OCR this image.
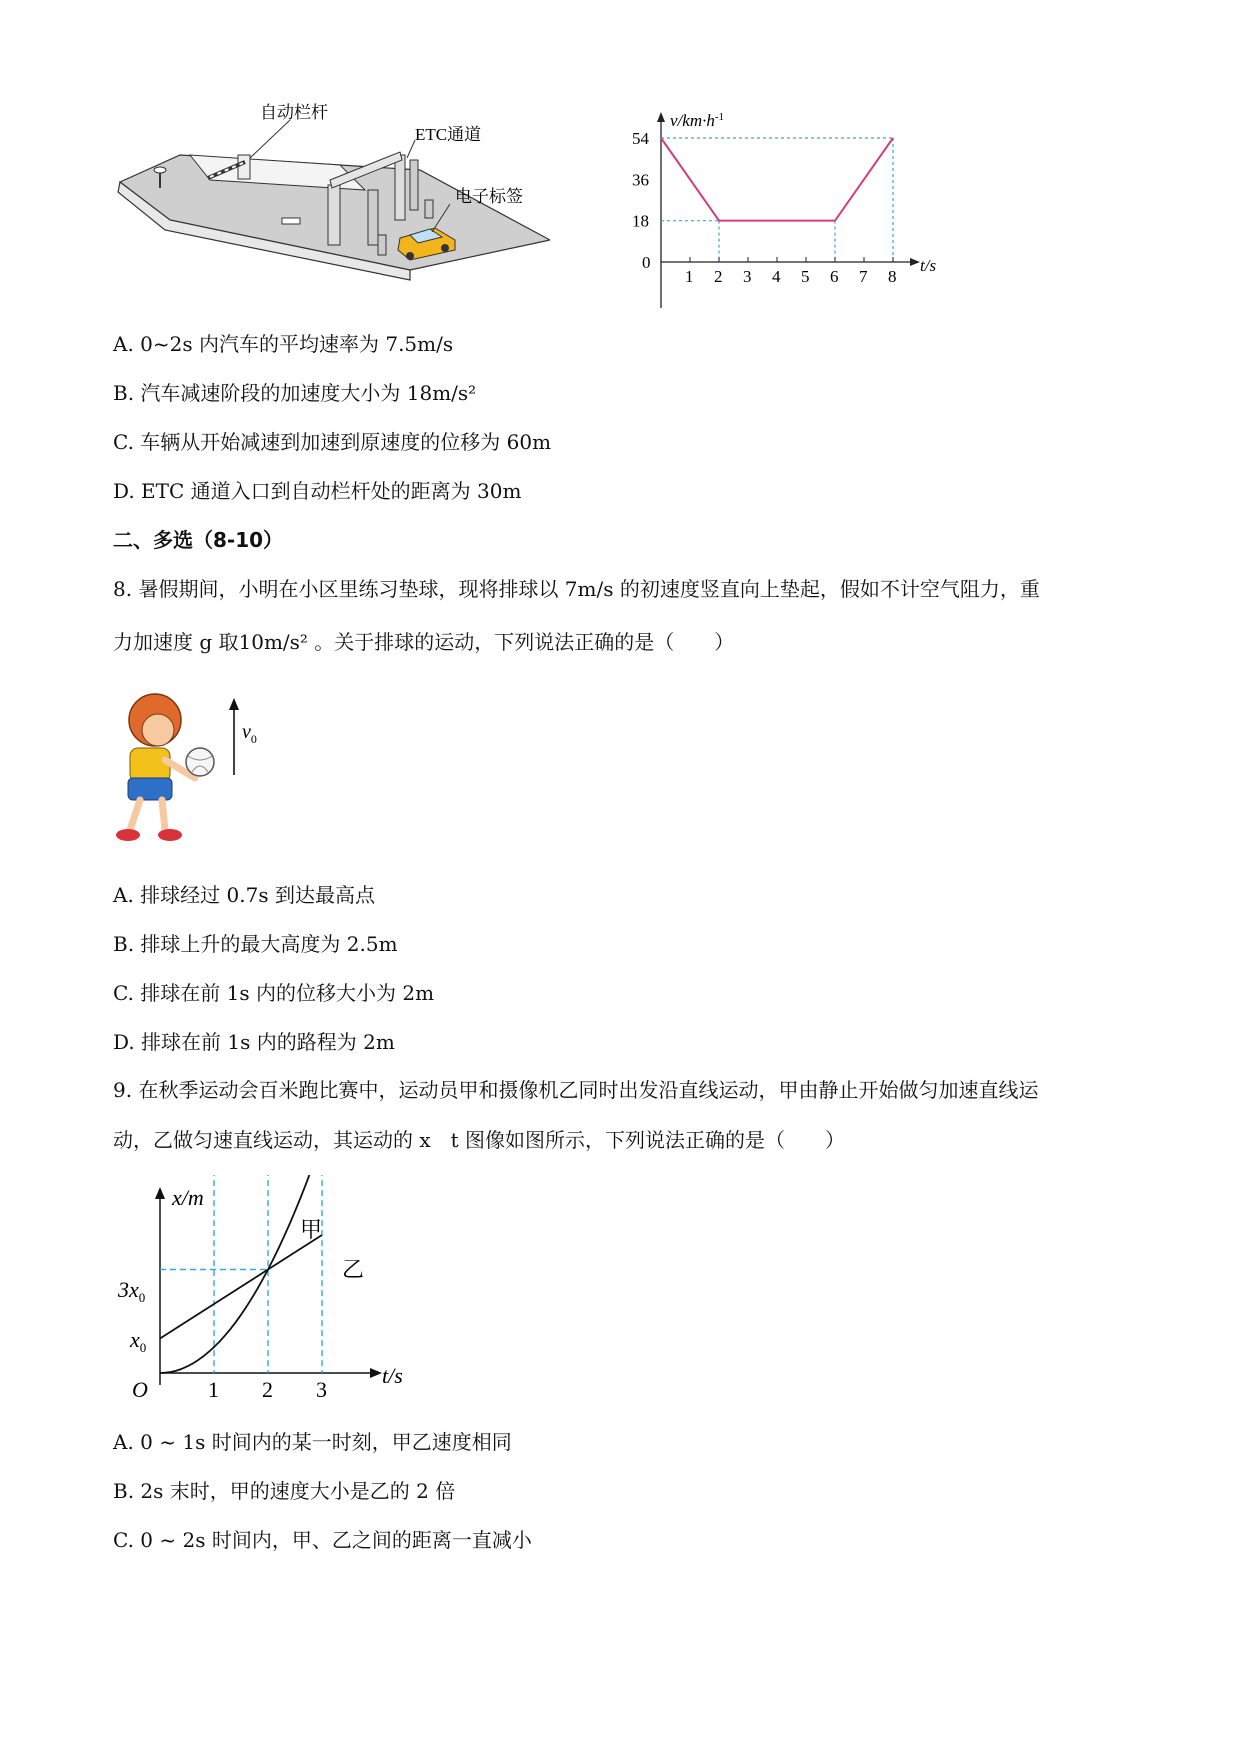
自动栏杆
ETC通道
电子标签
$v/km\cdot h^{-1}$
t/s
1 2 3 4 5 6 7 8
0
18
36
54
A. 0~2s 内汽车的平均速率为 7.5m/s
B. 汽车减速阶段的加速度大小为 18m/s²
C. 车辆从开始减速到加速到原速度的位移为 60m
D. ETC 通道入口到自动栏杆处的距离为 30m
二、多选（8-10）
8. 暑假期间，小明在小区里练习垫球，现将排球以 7m/s 的初速度竖直向上垫起，假如不计空气阻力，重
力加速度 g 取10m/s² 。关于排球的运动，下列说法正确的是（　　）
$v_0$
A. 排球经过 0.7s 到达最高点
B. 排球上升的最大高度为 2.5m
C. 排球在前 1s 内的位移大小为 2m
D. 排球在前 1s 内的路程为 2m
9. 在秋季运动会百米跑比赛中，运动员甲和摄像机乙同时出发沿直线运动，甲由静止开始做匀加速直线运
动，乙做匀速直线运动，其运动的 x　t 图像如图所示，下列说法正确的是（　　）
x/m
t/s
O	1 2 3
$3x_0$
$x_0$
甲
乙
A. 0 ~ 1s 时间内的某一时刻，甲乙速度相同
B. 2s 末时，甲的速度大小是乙的 2 倍
C. 0 ~ 2s 时间内，甲、乙之间的距离一直减小
